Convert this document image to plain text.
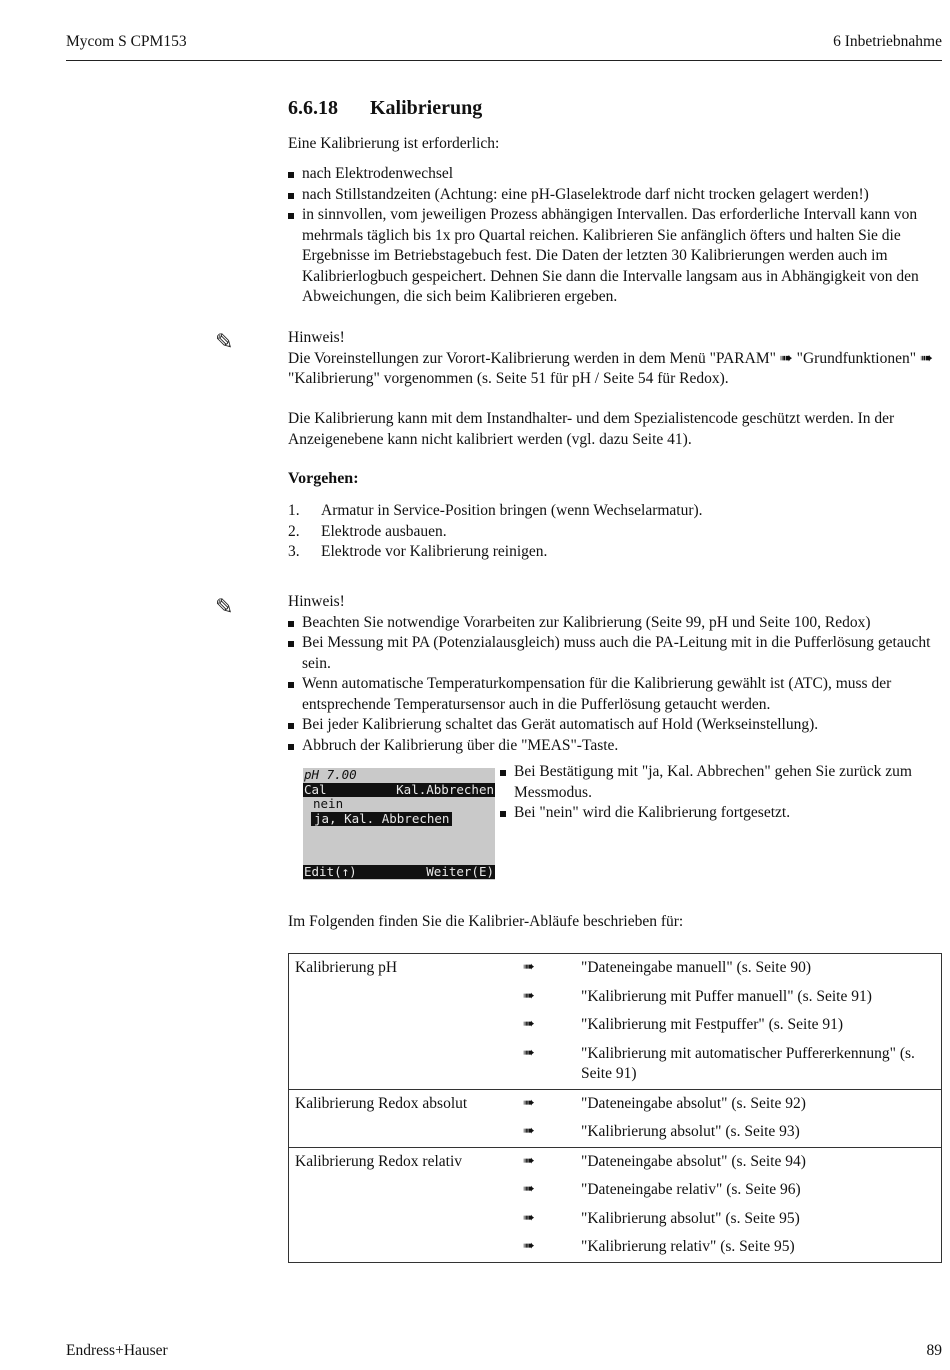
Mycom S CPM153	6 Inbetriebnahme
6.6.18 Kalibrierung

Eine Kalibrierung ist erforderlich:

nach Elektrodenwechsel
nach Stillstandzeiten (Achtung: eine pH-Glaselektrode darf nicht trocken gelagert werden!)
in sinnvollen, vom jeweiligen Prozess abhängigen Intervallen. Das erforderliche Intervall kann von mehrmals täglich bis 1x pro Quartal reichen. Kalibrieren Sie anfänglich öfters und halten Sie die Ergebnisse im Betriebstagebuch fest. Die Daten der letzten 30 Kalibrierungen werden auch im Kalibrierlogbuch gespeichert. Dehnen Sie dann die Intervalle langsam aus in Abhängigkeit von den Abweichungen, die sich beim Kalibrieren ergeben.
✎	Hinweis!

Die Voreinstellungen zur Vorort-Kalibrierung werden in dem Menü "PARAM" ➠ "Grundfunktionen" ➠ "Kalibrierung" vorgenommen (s. Seite 51 für pH / Seite 54 für Redox).

Die Kalibrierung kann mit dem Instandhalter- und dem Spezialistencode geschützt werden. In der Anzeigenebene kann nicht kalibriert werden (vgl. dazu Seite 41).

Vorgehen:
1. Armatur in Service-Position bringen (wenn Wechselarmatur).
2. Elektrode ausbauen.
3. Elektrode vor Kalibrierung reinigen.
✎	Hinweis!

Beachten Sie notwendige Vorarbeiten zur Kalibrierung (Seite 99, pH und Seite 100, Redox)
Bei Messung mit PA (Potenzialausgleich) muss auch die PA-Leitung mit in die Pufferlösung getaucht sein.
Wenn automatische Temperaturkompensation für die Kalibrierung gewählt ist (ATC), muss der entsprechende Temperatursensor auch in die Pufferlösung getaucht werden.
Bei jeder Kalibrierung schaltet das Gerät automatisch auf Hold (Werkseinstellung).
Abbruch der Kalibrierung über die "MEAS"-Taste.
pH 7.00
Cal	Kal.Abbrechen
nein
ja, Kal. Abbrechen
Edit(↑)	Weiter(E)
Bei Bestätigung mit "ja, Kal. Abbrechen" gehen Sie zurück zum Messmodus.
Bei "nein" wird die Kalibrierung fortgesetzt.

Im Folgenden finden Sie die Kalibrier-Abläufe beschrieben für:

Kalibrierung pH	➠	"Dateneingabe manuell" (s. Seite 90)
	➠	"Kalibrierung mit Puffer manuell" (s. Seite 91)
	➠	"Kalibrierung mit Festpuffer" (s. Seite 91)
	➠	"Kalibrierung mit automatischer Puffererkennung" (s. Seite 91)
Kalibrierung Redox absolut	➠	"Dateneingabe absolut" (s. Seite 92)
	➠	"Kalibrierung absolut" (s. Seite 93)
Kalibrierung Redox relativ	➠	"Dateneingabe absolut" (s. Seite 94)
	➠	"Dateneingabe relativ" (s. Seite 96)
	➠	"Kalibrierung absolut" (s. Seite 95)
	➠	"Kalibrierung relativ" (s. Seite 95)
Endress+Hauser	89
